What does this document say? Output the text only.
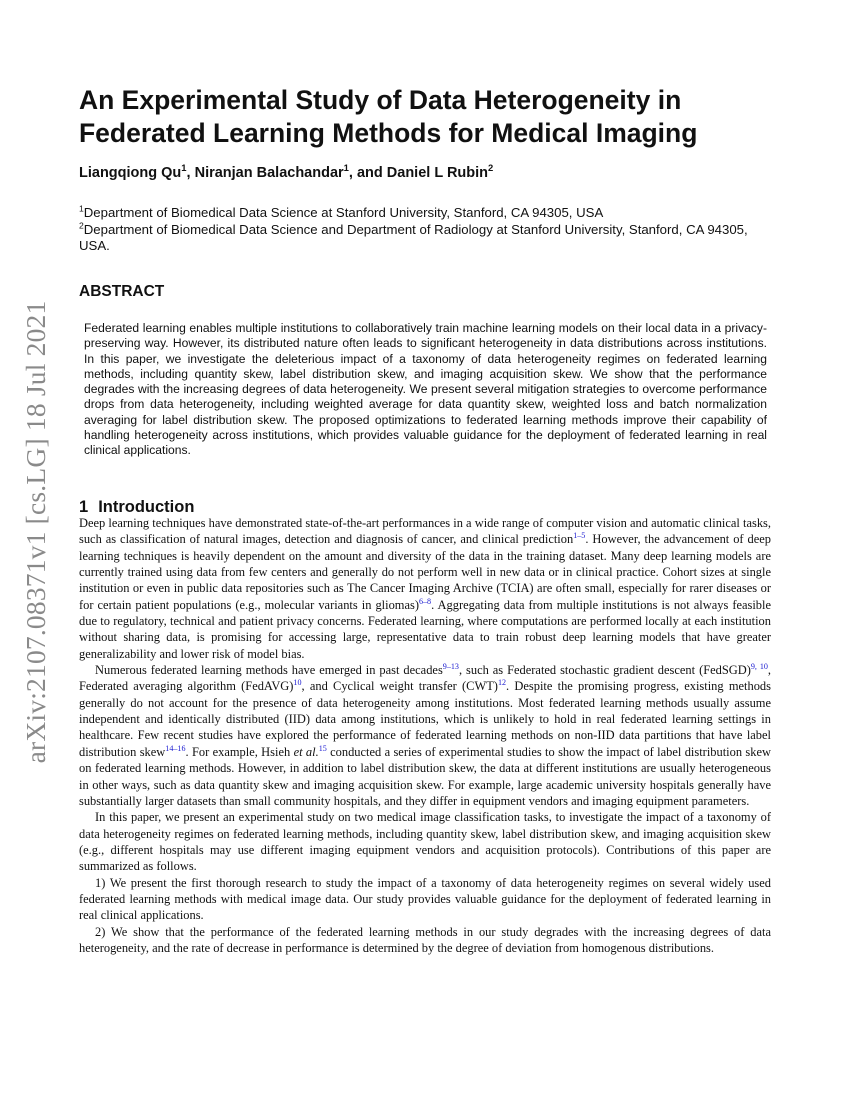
arXiv:2107.08371v1 [cs.LG] 18 Jul 2021
An Experimental Study of Data Heterogeneity in
Federated Learning Methods for Medical Imaging
Liangqiong Qu$^1$, Niranjan Balachandar$^1$, and Daniel L Rubin$^2$
$^1$Department of Biomedical Data Science at Stanford University, Stanford, CA 94305, USA
$^2$Department of Biomedical Data Science and Department of Radiology at Stanford University, Stanford, CA 94305, USA.
ABSTRACT

Federated learning enables multiple institutions to collaboratively train machine learning models on their local data in a privacy-preserving way. However, its distributed nature often leads to significant heterogeneity in data distributions across institutions. In this paper, we investigate the deleterious impact of a taxonomy of data heterogeneity regimes on federated learning methods, including quantity skew, label distribution skew, and imaging acquisition skew. We show that the performance degrades with the increasing degrees of data heterogeneity. We present several mitigation strategies to overcome performance drops from data heterogeneity, including weighted average for data quantity skew, weighted loss and batch normalization averaging for label distribution skew. The proposed optimizations to federated learning methods improve their capability of handling heterogeneity across institutions, which provides valuable guidance for the deployment of federated learning in real clinical applications.

1 Introduction

Deep learning techniques have demonstrated state-of-the-art performances in a wide range of computer vision and automatic clinical tasks, such as classification of natural images, detection and diagnosis of cancer, and clinical prediction$^{1-5}$. However, the advancement of deep learning techniques is heavily dependent on the amount and diversity of the data in the training dataset. Many deep learning models are currently trained using data from few centers and generally do not perform well in new data or in clinical practice. Cohort sizes at single institution or even in public data repositories such as The Cancer Imaging Archive (TCIA) are often small, especially for rarer diseases or for certain patient populations (e.g., molecular variants in gliomas)$^{6-8}$. Aggregating data from multiple institutions is not always feasible due to regulatory, technical and patient privacy concerns. Federated learning, where computations are performed locally at each institution without sharing data, is promising for accessing large, representative data to train robust deep learning models that have greater generalizability and lower risk of model bias.

Numerous federated learning methods have emerged in past decades$^{9-13}$, such as Federated stochastic gradient descent (FedSGD)$^{9, 10}$, Federated averaging algorithm (FedAVG)$^{10}$, and Cyclical weight transfer (CWT)$^{12}$. Despite the promising progress, existing methods generally do not account for the presence of data heterogeneity among institutions. Most federated learning methods usually assume independent and identically distributed (IID) data among institutions, which is unlikely to hold in real federated learning settings in healthcare. Few recent studies have explored the performance of federated learning methods on non-IID data partitions that have label distribution skew$^{14-16}$. For example, Hsieh et al.$^{15}$ conducted a series of experimental studies to show the impact of label distribution skew on federated learning methods. However, in addition to label distribution skew, the data at different institutions are usually heterogeneous in other ways, such as data quantity skew and imaging acquisition skew. For example, large academic university hospitals generally have substantially larger datasets than small community hospitals, and they differ in equipment vendors and imaging equipment parameters.

In this paper, we present an experimental study on two medical image classification tasks, to investigate the impact of a taxonomy of data heterogeneity regimes on federated learning methods, including quantity skew, label distribution skew, and imaging acquisition skew (e.g., different hospitals may use different imaging equipment vendors and acquisition protocols). Contributions of this paper are summarized as follows.

1) We present the first thorough research to study the impact of a taxonomy of data heterogeneity regimes on several widely used federated learning methods with medical image data. Our study provides valuable guidance for the deployment of federated learning in real clinical applications.

2) We show that the performance of the federated learning methods in our study degrades with the increasing degrees of data heterogeneity, and the rate of decrease in performance is determined by the degree of deviation from homogenous distributions.
